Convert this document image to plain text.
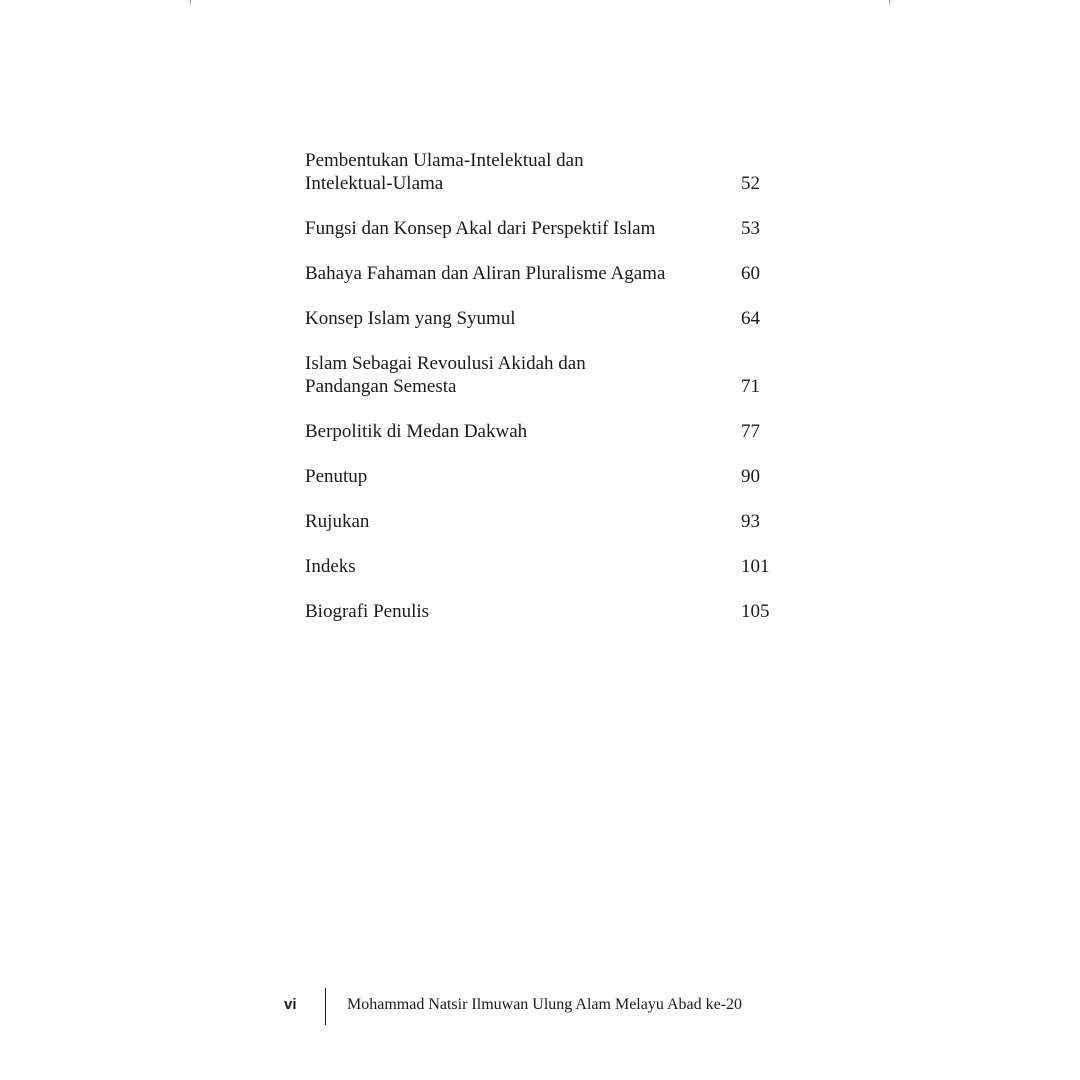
Pembentukan Ulama-Intelektual dan
Intelektual-Ulama	52
Fungsi dan Konsep Akal dari Perspektif Islam	53
Bahaya Fahaman dan Aliran Pluralisme Agama	60
Konsep Islam yang Syumul	64
Islam Sebagai Revoulusi Akidah dan
Pandangan Semesta	71
Berpolitik di Medan Dakwah	77
Penutup	90
Rujukan	93
Indeks	101
Biografi Penulis	105
vi	Mohammad Natsir Ilmuwan Ulung Alam Melayu Abad ke-20
